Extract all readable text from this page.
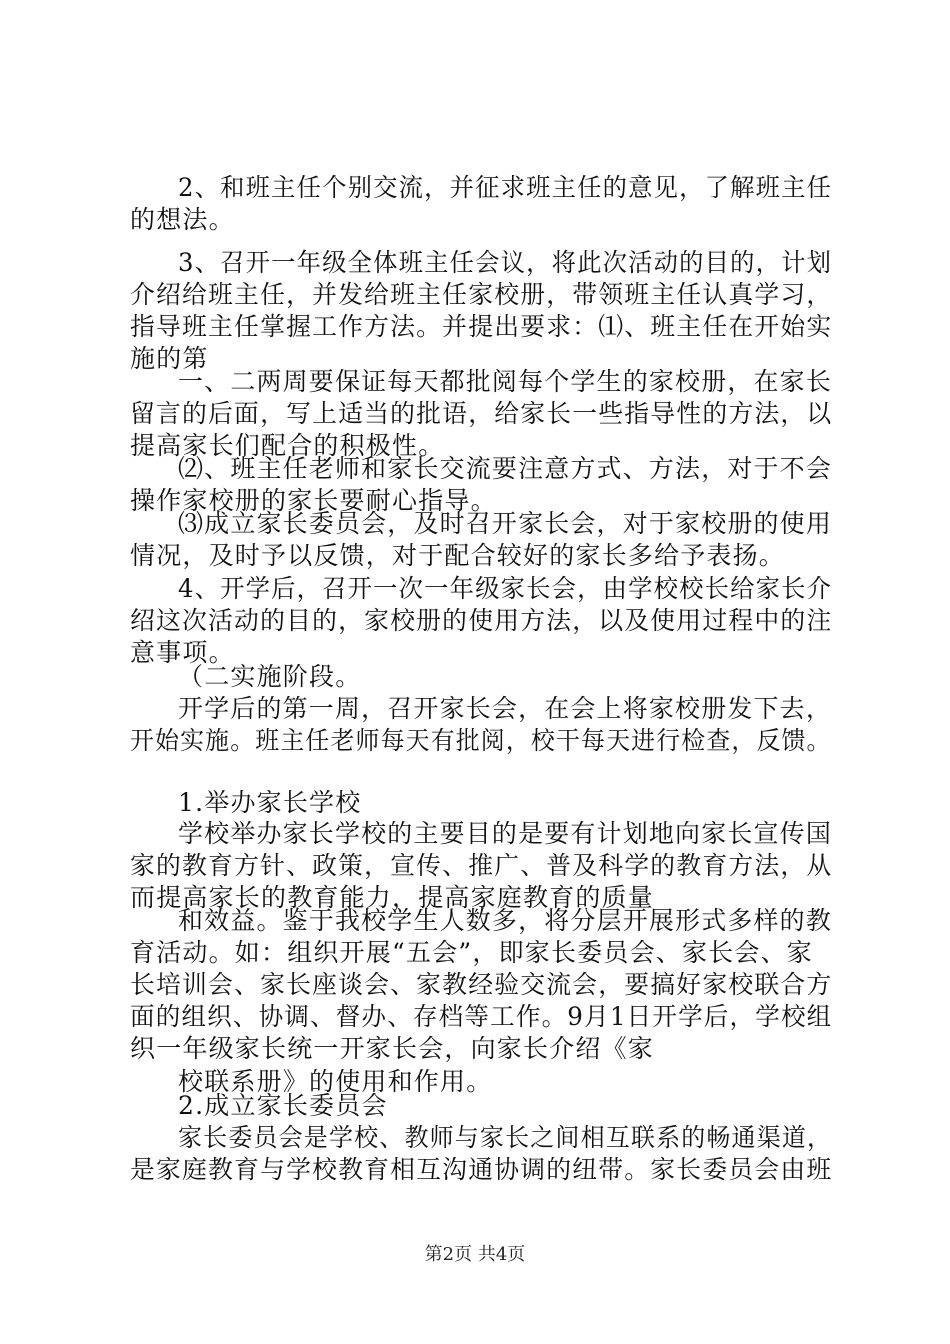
2、和班主任个别交流，并征求班主任的意见，了解班主任
的想法。
3、召开一年级全体班主任会议，将此次活动的目的，计划
介绍给班主任，并发给班主任家校册，带领班主任认真学习，
指导班主任掌握工作方法。并提出要求：⑴、班主任在开始实
施的第
一、二两周要保证每天都批阅每个学生的家校册，在家长
留言的后面，写上适当的批语，给家长一些指导性的方法，以
提高家长们配合的积极性。
⑵、班主任老师和家长交流要注意方式、方法，对于不会
操作家校册的家长要耐心指导。
⑶成立家长委员会，及时召开家长会，对于家校册的使用
情况，及时予以反馈，对于配合较好的家长多给予表扬。
4、开学后，召开一次一年级家长会，由学校校长给家长介
绍这次活动的目的，家校册的使用方法，以及使用过程中的注
意事项。
（二实施阶段。
开学后的第一周，召开家长会，在会上将家校册发下去，
开始实施。班主任老师每天有批阅，校干每天进行检查，反馈。
1.举办家长学校
学校举办家长学校的主要目的是要有计划地向家长宣传国
家的教育方针、政策，宣传、推广、普及科学的教育方法，从
而提高家长的教育能力，提高家庭教育的质量
和效益。鉴于我校学生人数多，将分层开展形式多样的教
育活动。如：组织开展“五会”，即家长委员会、家长会、家
长培训会、家长座谈会、家教经验交流会，要搞好家校联合方
面的组织、协调、督办、存档等工作。9月1日开学后，学校组
织一年级家长统一开家长会，向家长介绍《家
校联系册》的使用和作用。
2.成立家长委员会
家长委员会是学校、教师与家长之间相互联系的畅通渠道，
是家庭教育与学校教育相互沟通协调的纽带。家长委员会由班
第2页 共4页
